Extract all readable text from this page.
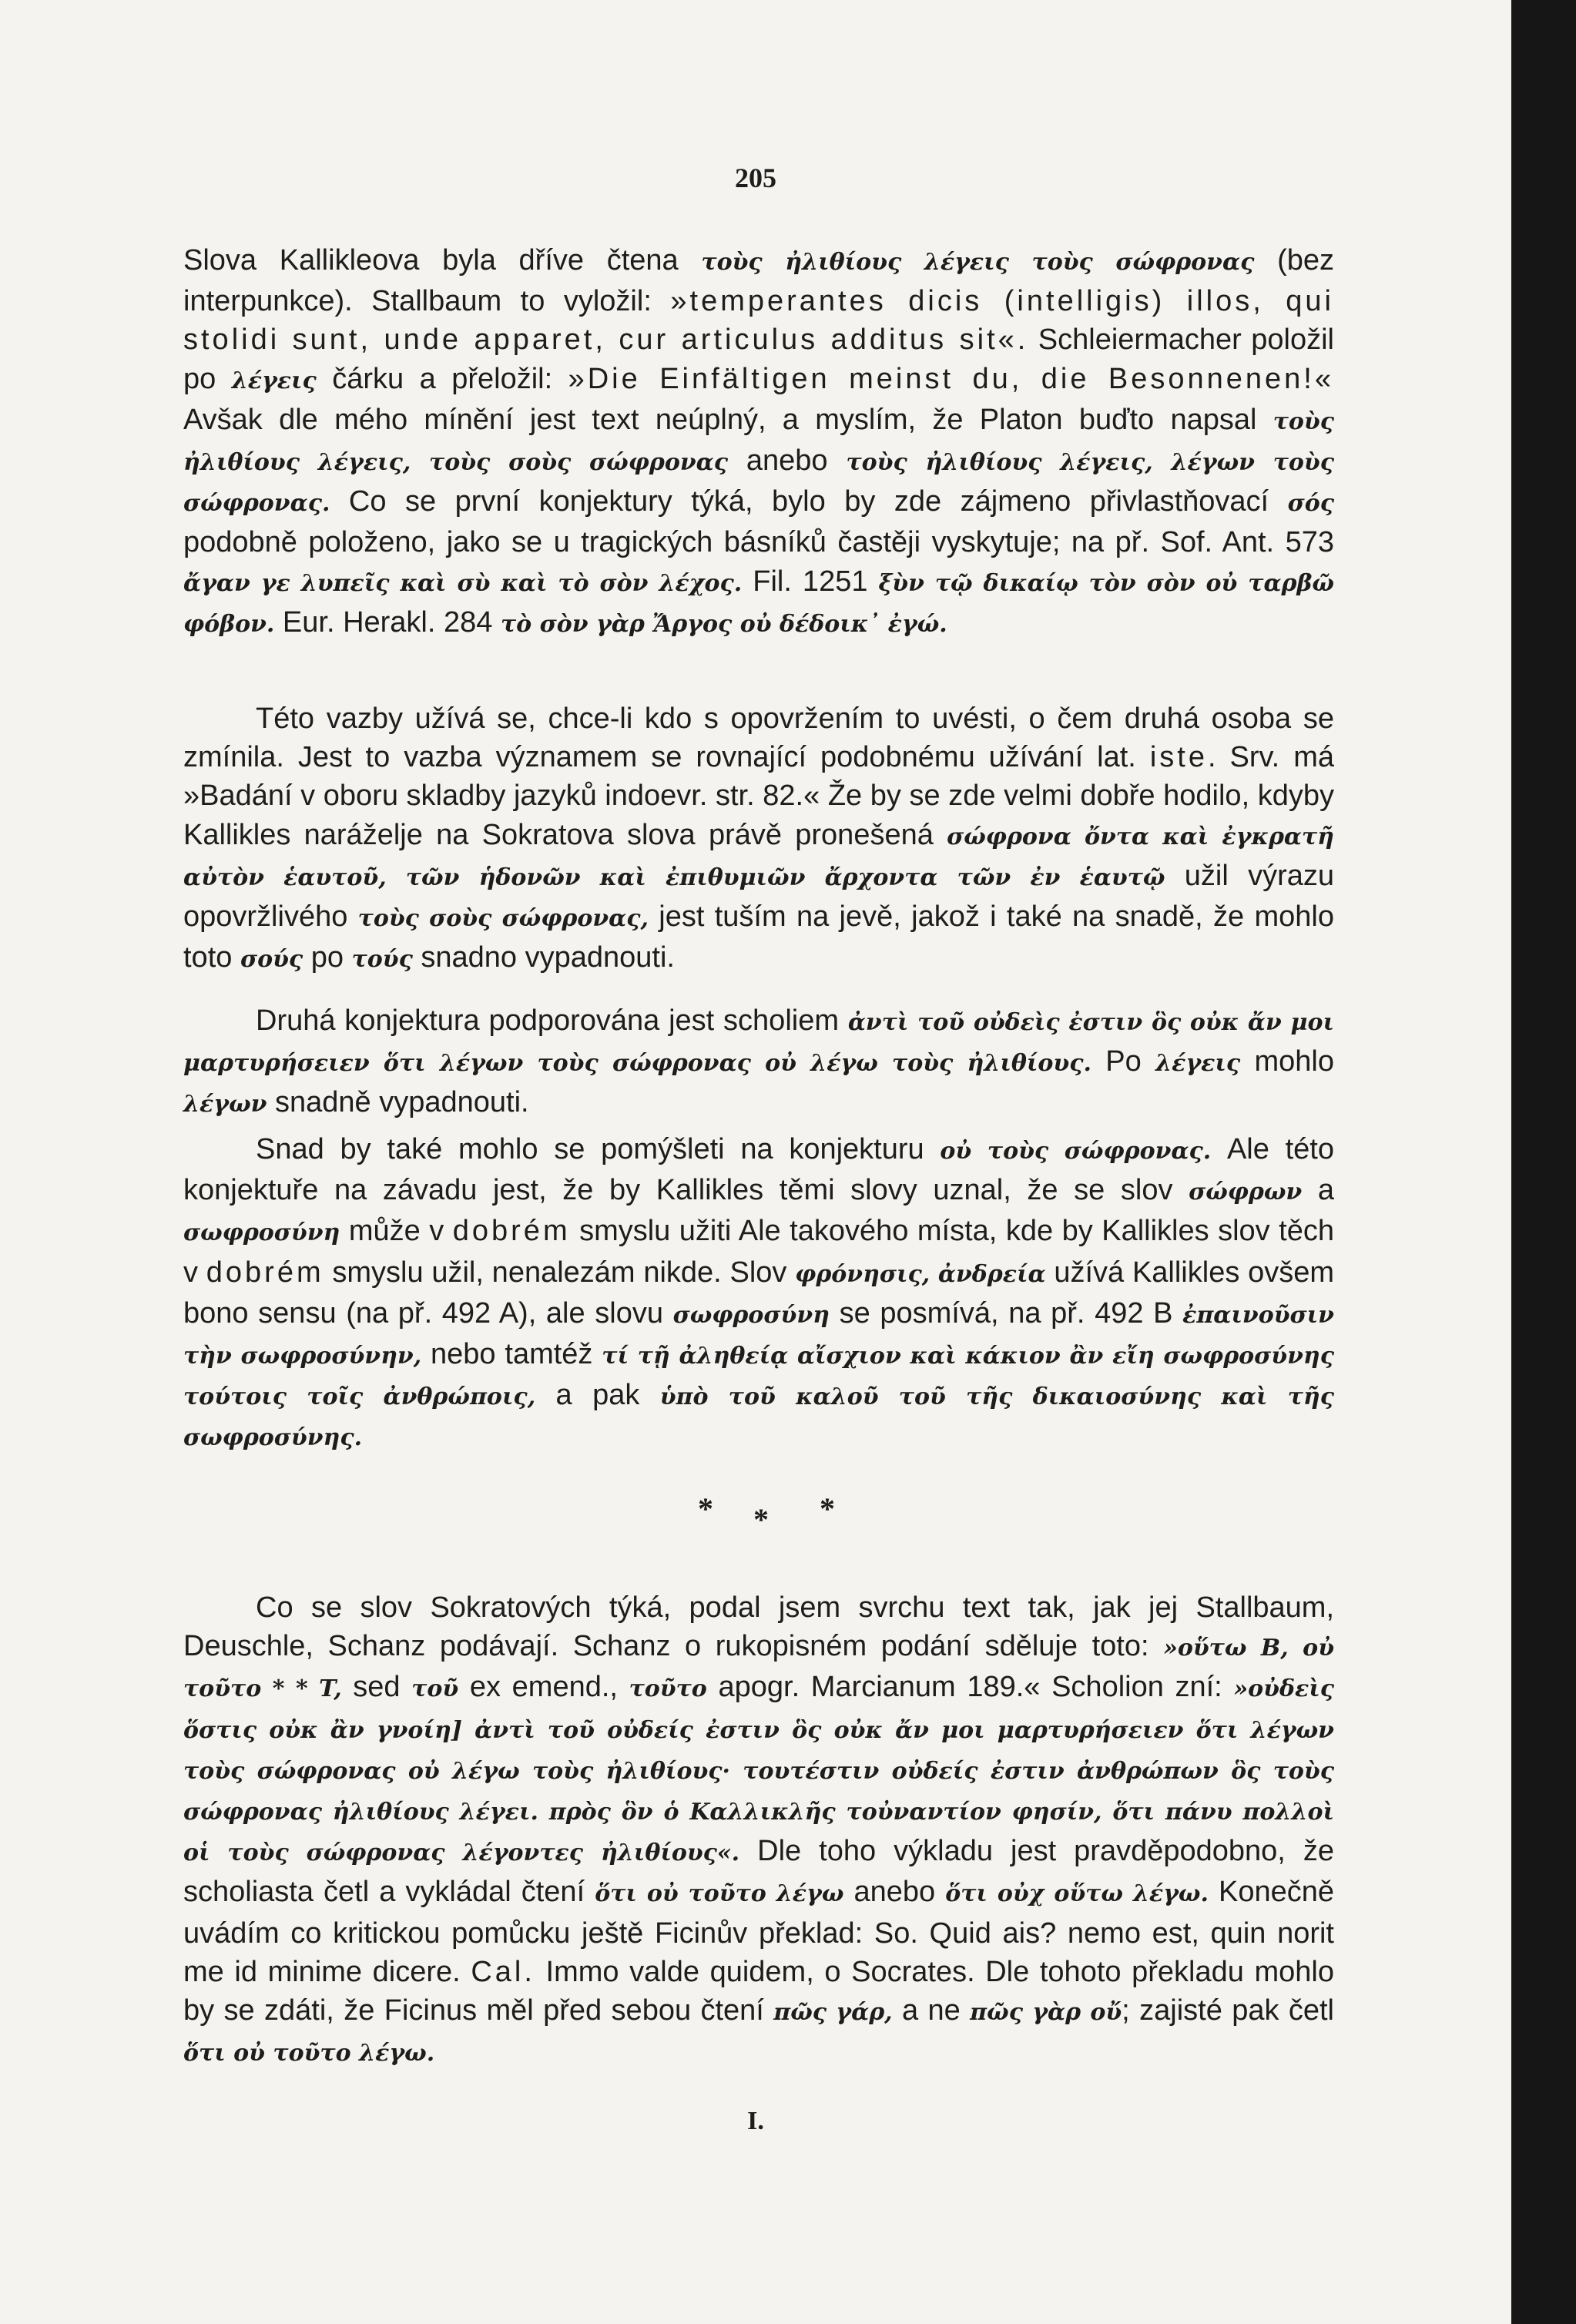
205

Slova Kallikleova byla dříve čtena τοὺς ἠλιθίους λέγεις τοὺς σώφρονας (bez interpunkce). Stallbaum to vyložil: »temperantes dicis (intelligis) illos, qui stolidi sunt, unde apparet, cur articulus additus sit«. Schleiermacher položil po λέγεις čárku a přeložil: »Die Einfältigen meinst du, die Besonnenen!« Avšak dle mého mínění jest text neúplný, a myslím, že Platon buďto napsal τοὺς ἠλιθίους λέγεις, τοὺς σοὺς σώφρονας anebo τοὺς ἠλιθίους λέγεις, λέγων τοὺς σώφρονας. Co se první konjektury týká, bylo by zde zájmeno přivlastňovací σός podobně položeno, jako se u tragických básníků častěji vyskytuje; na př. Sof. Ant. 573 ἄγαν γε λυπεῖς καὶ σὺ καὶ τὸ σὸν λέχος. Fil. 1251 ξὺν τῷ δικαίῳ τὸν σὸν οὐ ταρβῶ φόβον. Eur. Herakl. 284 τὸ σὸν γὰρ Ἄργος οὐ δέδοικ᾽ ἐγώ.

Této vazby užívá se, chce-li kdo s opovržením to uvésti, o čem druhá osoba se zmínila. Jest to vazba významem se rovnající podobnému užívání lat. iste. Srv. má »Badání v oboru skladby jazyků indoevr. str. 82.« Že by se zde velmi dobře hodilo, kdyby Kallikles naráželje na Sokratova slova právě pronešená σώφρονα ὄντα καὶ ἐγκρατῆ αὐτὸν ἑαυτοῦ, τῶν ἡδονῶν καὶ ἐπιθυμιῶν ἄρχοντα τῶν ἐν ἑαυτῷ užil výrazu opovržlivého τοὺς σοὺς σώφρονας, jest tuším na jevě, jakož i také na snadě, že mohlo toto σούς po τούς snadno vypadnouti.

Druhá konjektura podporována jest scholiem ἀντὶ τοῦ οὐδεὶς ἐστιν ὃς οὐκ ἄν μοι μαρτυρήσειεν ὅτι λέγων τοὺς σώφρονας οὐ λέγω τοὺς ἠλιθίους. Po λέγεις mohlo λέγων snadně vypadnouti.

Snad by také mohlo se pomýšleti na konjekturu οὐ τοὺς σώφρονας. Ale této konjektuře na závadu jest, že by Kallikles těmi slovy uznal, že se slov σώφρων a σωφροσύνη může v dobrém smyslu užiti Ale takového místa, kde by Kallikles slov těch v dobrém smyslu užil, nenalezám nikde. Slov φρόνησις, ἀνδρεία užívá Kallikles ovšem bono sensu (na př. 492 A), ale slovu σωφροσύνη se posmívá, na př. 492 B ἐπαινοῦσιν τὴν σωφροσύνην, nebo tamtéž τί τῇ ἀληθείᾳ αἴσχιον καὶ κάκιον ἂν εἴη σωφροσύνης τούτοις τοῖς ἀνθρώποις, a pak ὑπὸ τοῦ καλοῦ τοῦ τῆς δικαιοσύνης καὶ τῆς σωφροσύνης.

* * *

Co se slov Sokratových týká, podal jsem svrchu text tak, jak jej Stallbaum, Deuschle, Schanz podávají. Schanz o rukopisném podání sděluje toto: »οὕτω B, οὐ τοῦτο * * T, sed τοῦ ex emend., τοῦτο apogr. Marcianum 189.« Scholion zní: »οὐδεὶς ὅστις οὐκ ἂν γνοίη] ἀντὶ τοῦ οὐδείς ἐστιν ὃς οὐκ ἄν μοι μαρτυρήσειεν ὅτι λέγων τοὺς σώφρονας οὐ λέγω τοὺς ἠλιθίους· τουτέστιν οὐδείς ἐστιν ἀνθρώπων ὃς τοὺς σώφρονας ἠλιθίους λέγει. πρὸς ὃν ὁ Καλλικλῆς τοὐναντίον φησίν, ὅτι πάνυ πολλοὶ οἱ τοὺς σώφρονας λέγοντες ἠλιθίους«. Dle toho výkladu jest pravděpodobno, že scholiasta četl a vykládal čtení ὅτι οὐ τοῦτο λέγω anebo ὅτι οὐχ οὕτω λέγω. Konečně uvádím co kritickou pomůcku ještě Ficinův překlad: So. Quid ais? nemo est, quin norit me id minime dicere. Cal. Immo valde quidem, o Socrates. Dle tohoto překladu mohlo by se zdáti, že Ficinus měl před sebou čtení πῶς γάρ, a ne πῶς γὰρ οὔ; zajisté pak četl ὅτι οὐ τοῦτο λέγω.

I.
